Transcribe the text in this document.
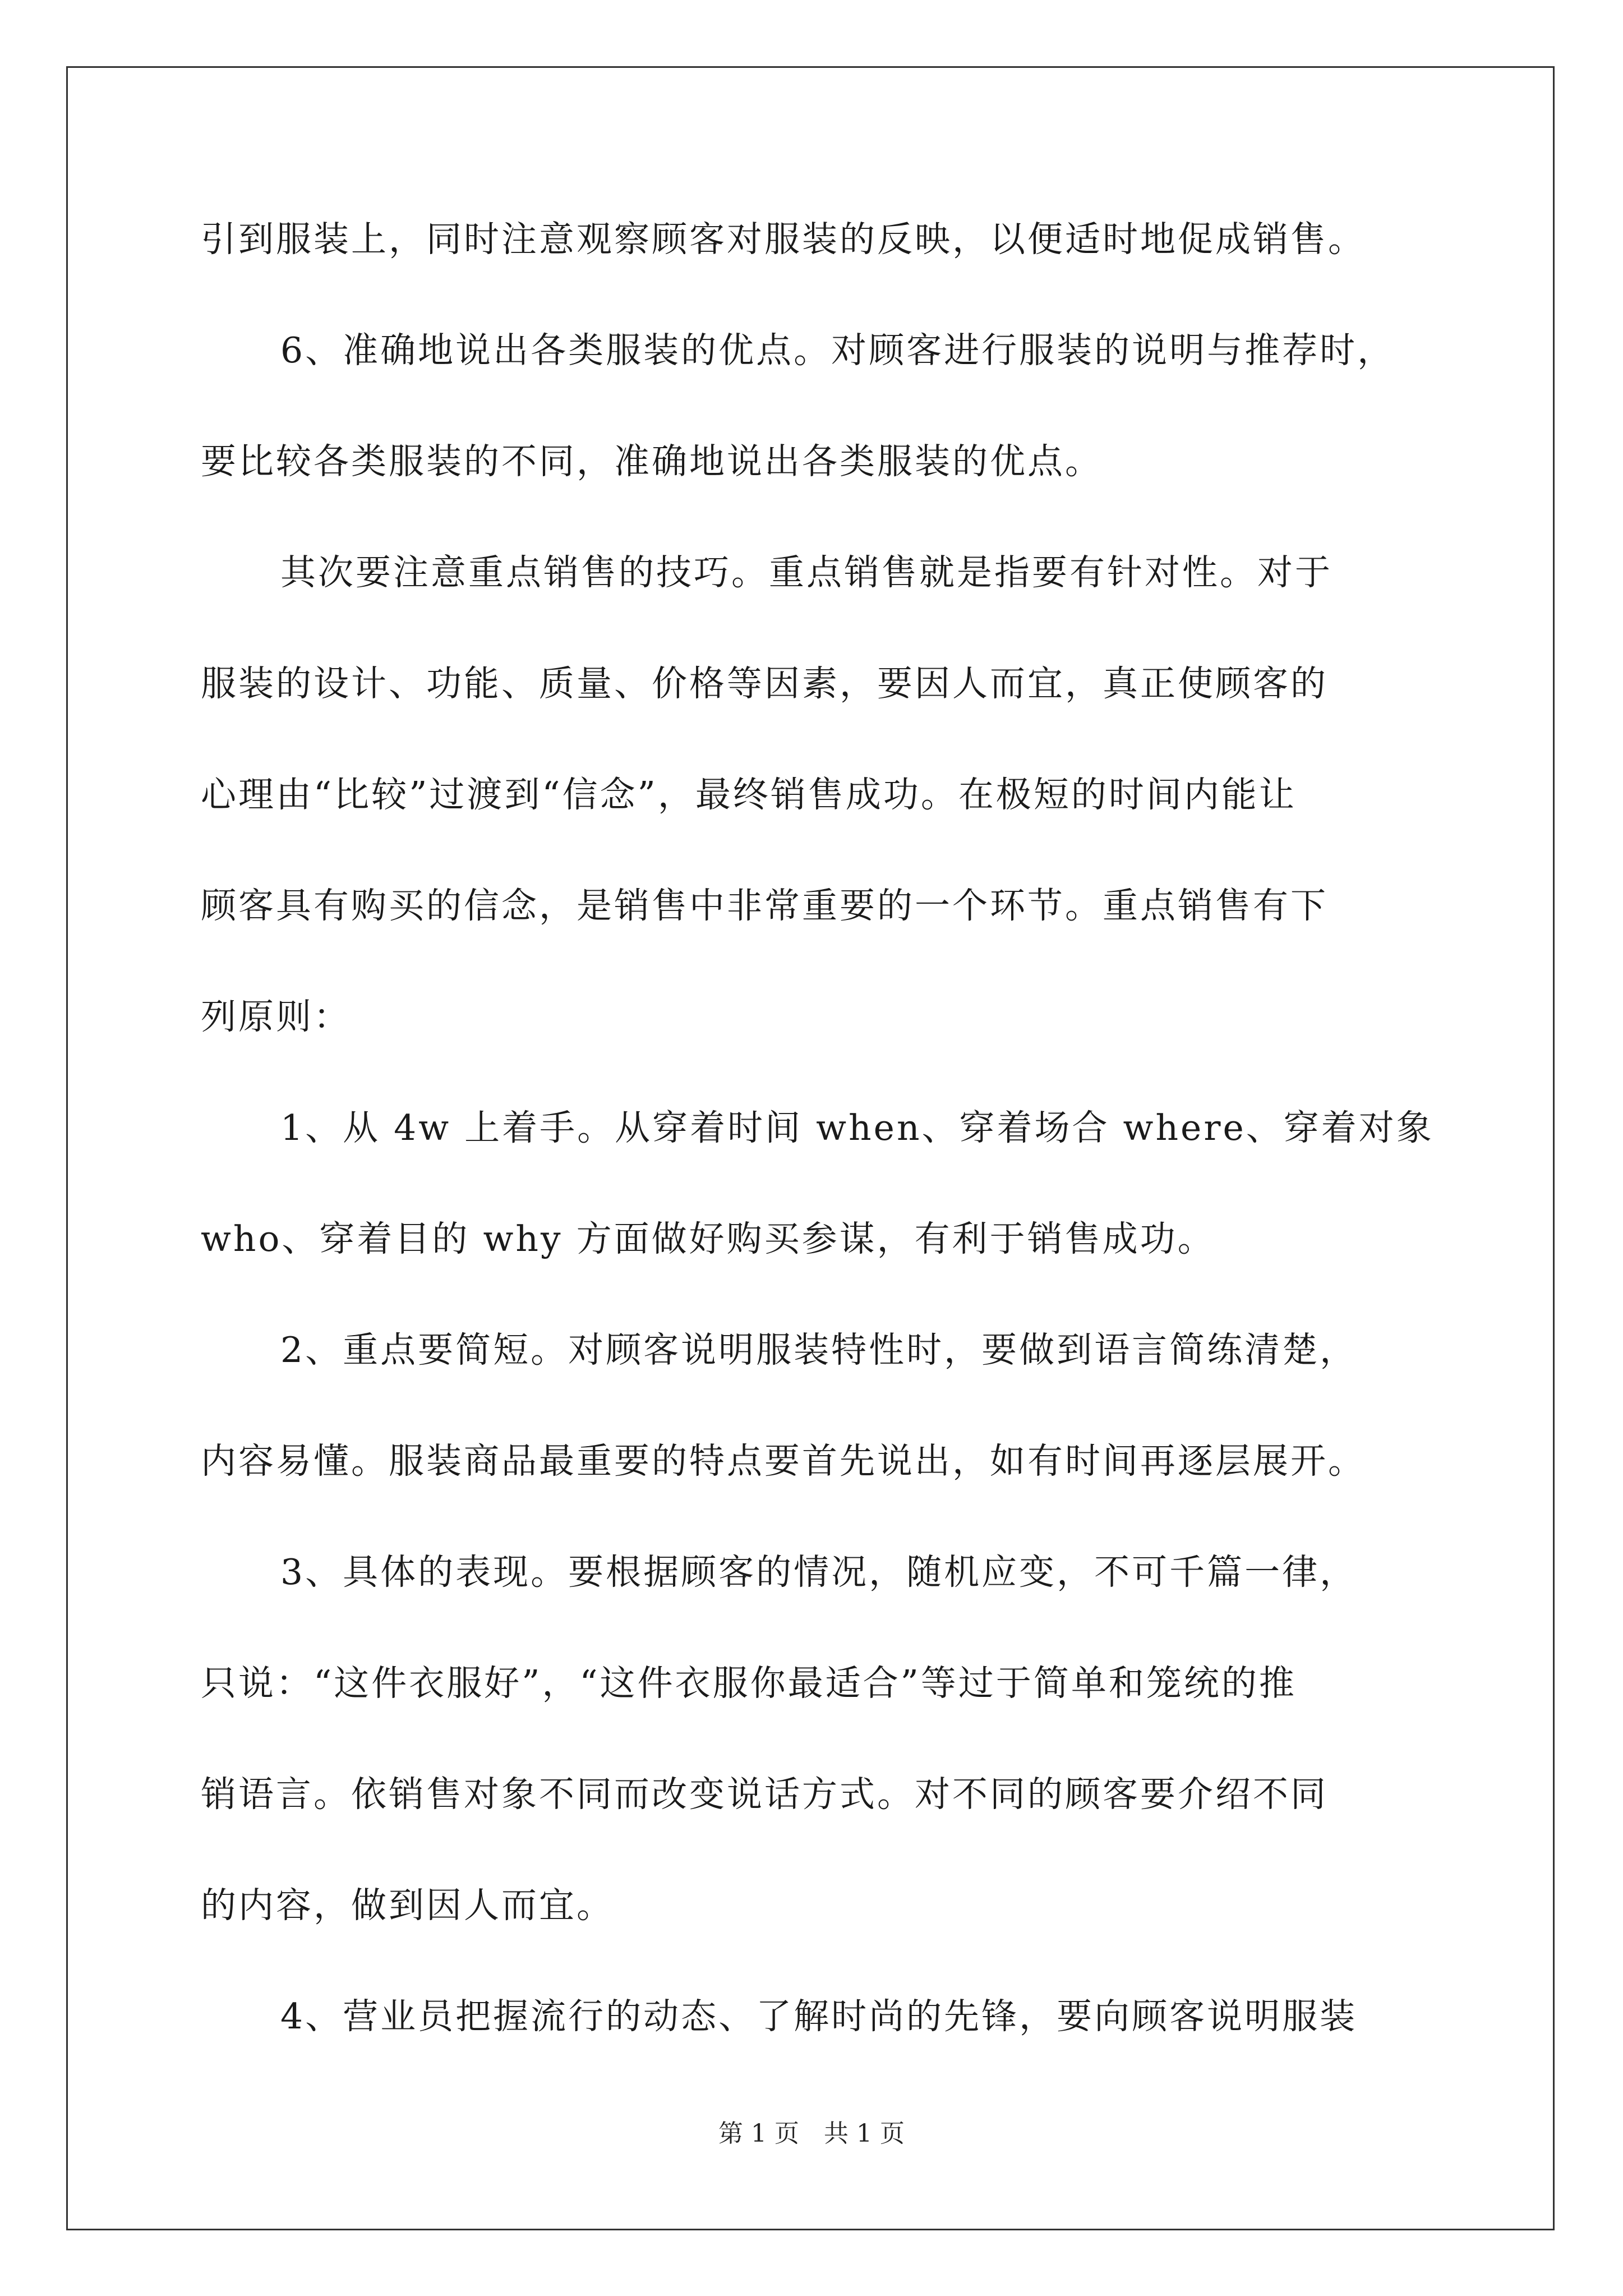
引到服装上，同时注意观察顾客对服装的反映，以便适时地促成销售。
6、准确地说出各类服装的优点。对顾客进行服装的说明与推荐时，
要比较各类服装的不同，准确地说出各类服装的优点。
其次要注意重点销售的技巧。重点销售就是指要有针对性。对于
服装的设计、功能、质量、价格等因素，要因人而宜，真正使顾客的
心理由“比较”过渡到“信念”，最终销售成功。在极短的时间内能让
顾客具有购买的信念，是销售中非常重要的一个环节。重点销售有下
列原则：
1、从 4w 上着手。从穿着时间 when、穿着场合 where、穿着对象
who、穿着目的 why 方面做好购买参谋，有利于销售成功。
2、重点要简短。对顾客说明服装特性时，要做到语言简练清楚，
内容易懂。服装商品最重要的特点要首先说出，如有时间再逐层展开。
3、具体的表现。要根据顾客的情况，随机应变，不可千篇一律，
只说：“这件衣服好”，“这件衣服你最适合”等过于简单和笼统的推
销语言。依销售对象不同而改变说话方式。对不同的顾客要介绍不同
的内容，做到因人而宜。
4、营业员把握流行的动态、了解时尚的先锋，要向顾客说明服装
第 1 页　共 1 页
